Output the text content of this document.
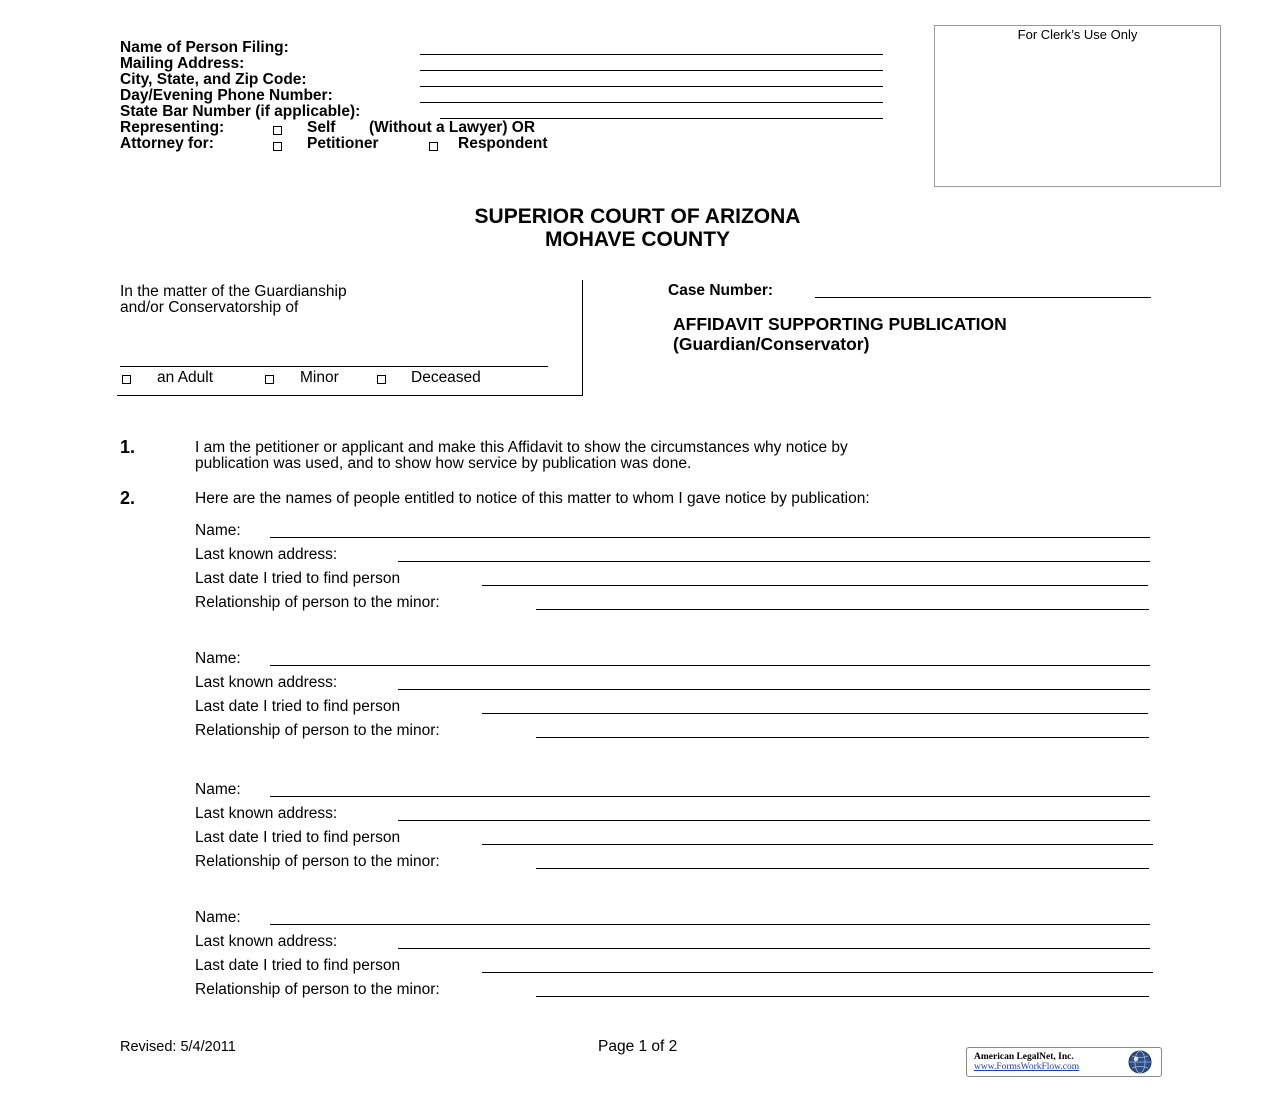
Name of Person Filing:
Mailing Address:
City, State, and Zip Code:
Day/Evening Phone Number:
State Bar Number (if applicable):
Representing:	Self (Without a Lawyer) OR
Attorney for:	Petitioner	Respondent
For Clerk’s Use Only
SUPERIOR COURT OF ARIZONA
MOHAVE COUNTY
In the matter of the Guardianship
and/or Conservatorship of
an Adult	Minor	Deceased
Case Number:
AFFIDAVIT SUPPORTING PUBLICATION
(Guardian/Conservator)
1.	I am the petitioner or applicant and make this Affidavit to show the circumstances why notice by
publication was used, and to show how service by publication was done.
2.	Here are the names of people entitled to notice of this matter to whom I gave notice by publication:
Name:
Last known address:
Last date I tried to find person
Relationship of person to the minor:
Name:
Last known address:
Last date I tried to find person
Relationship of person to the minor:
Name:
Last known address:
Last date I tried to find person
Relationship of person to the minor:
Name:
Last known address:
Last date I tried to find person
Relationship of person to the minor:
Revised: 5/4/2011	Page 1 of 2
American LegalNet, Inc.
www.FormsWorkFlow.com
